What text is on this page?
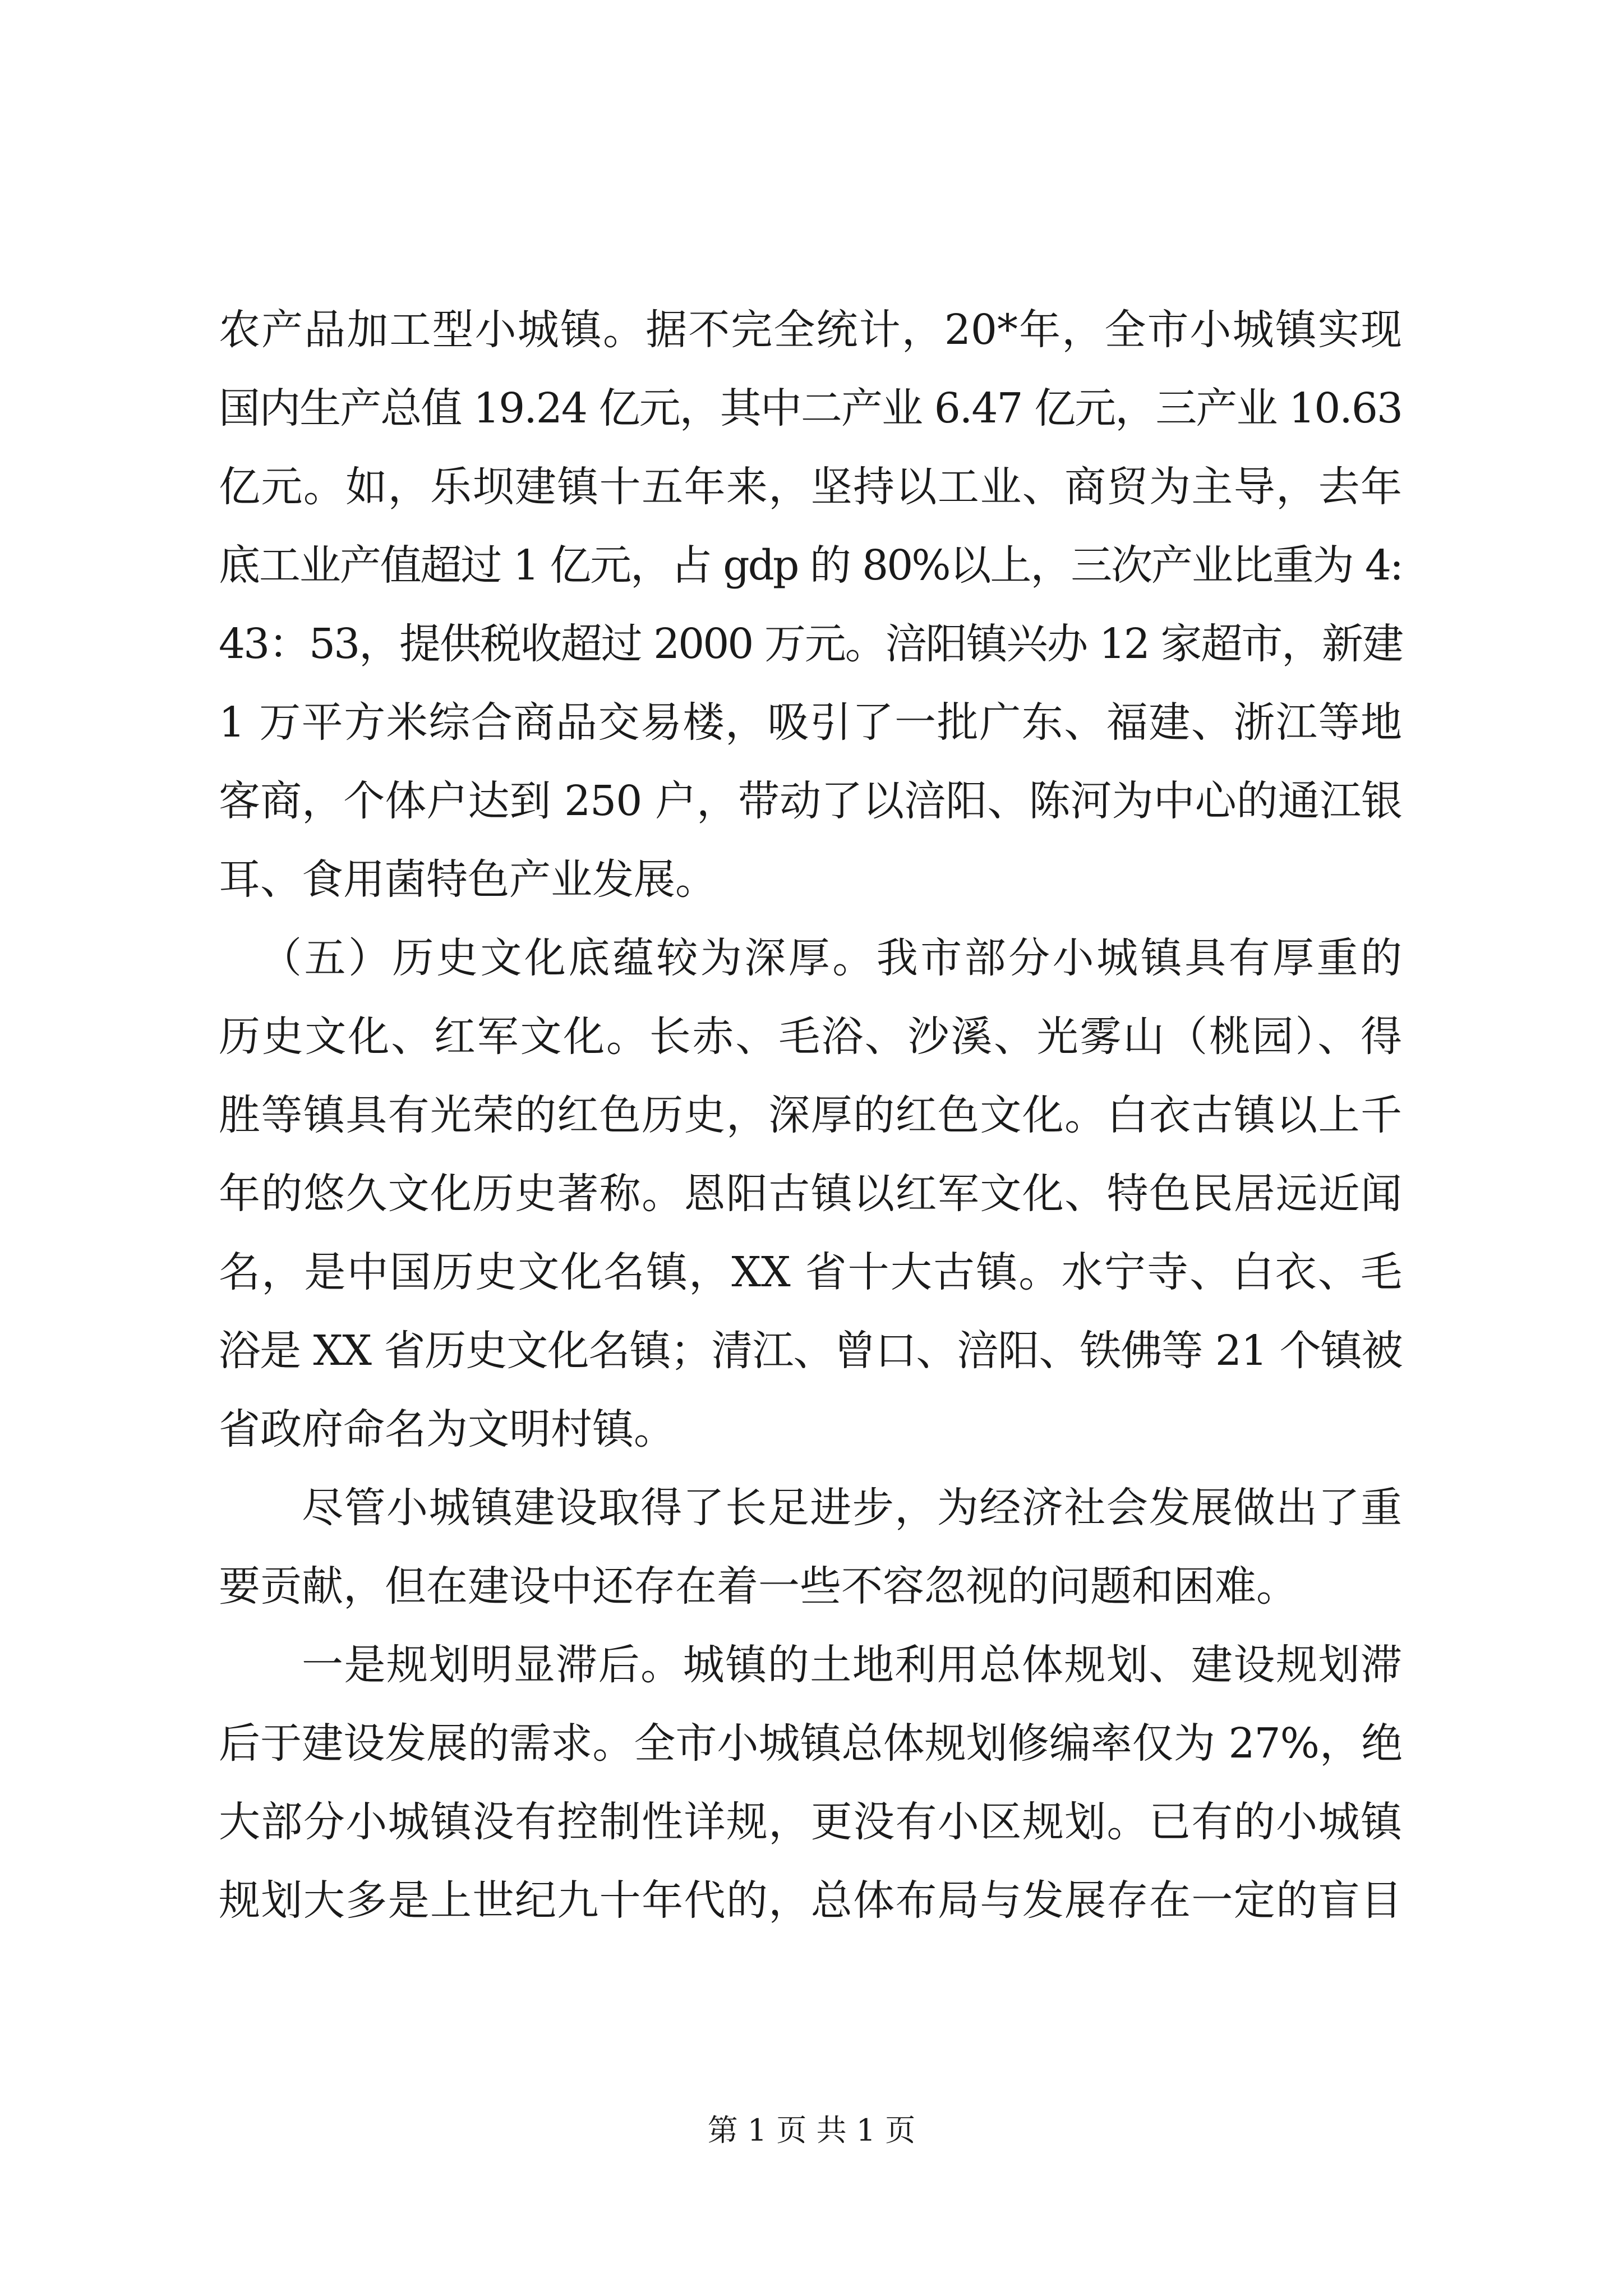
农产品加工型小城镇。据不完全统计，20*年，全市小城镇实现
国内生产总值 19.24 亿元，其中二产业 6.47 亿元，三产业 10.63
亿元。如，乐坝建镇十五年来，坚持以工业、商贸为主导，去年
底工业产值超过 1 亿元，占 gdp 的 80%以上，三次产业比重为 4:
43：53，提供税收超过 2000 万元。涪阳镇兴办 12 家超市，新建
1 万平方米综合商品交易楼，吸引了一批广东、福建、浙江等地
客商，个体户达到 250 户，带动了以涪阳、陈河为中心的通江银
耳、食用菌特色产业发展。
（五）历史文化底蕴较为深厚。我市部分小城镇具有厚重的
历史文化、红军文化。长赤、毛浴、沙溪、光雾山（桃园）、得
胜等镇具有光荣的红色历史，深厚的红色文化。白衣古镇以上千
年的悠久文化历史著称。恩阳古镇以红军文化、特色民居远近闻
名，是中国历史文化名镇，XX 省十大古镇。水宁寺、白衣、毛
浴是 XX 省历史文化名镇；清江、曾口、涪阳、铁佛等 21 个镇被
省政府命名为文明村镇。
尽管小城镇建设取得了长足进步，为经济社会发展做出了重
要贡献，但在建设中还存在着一些不容忽视的问题和困难。
一是规划明显滞后。城镇的土地利用总体规划、建设规划滞
后于建设发展的需求。全市小城镇总体规划修编率仅为 27%，绝
大部分小城镇没有控制性详规，更没有小区规划。已有的小城镇
规划大多是上世纪九十年代的，总体布局与发展存在一定的盲目
第 1 页 共 1 页
